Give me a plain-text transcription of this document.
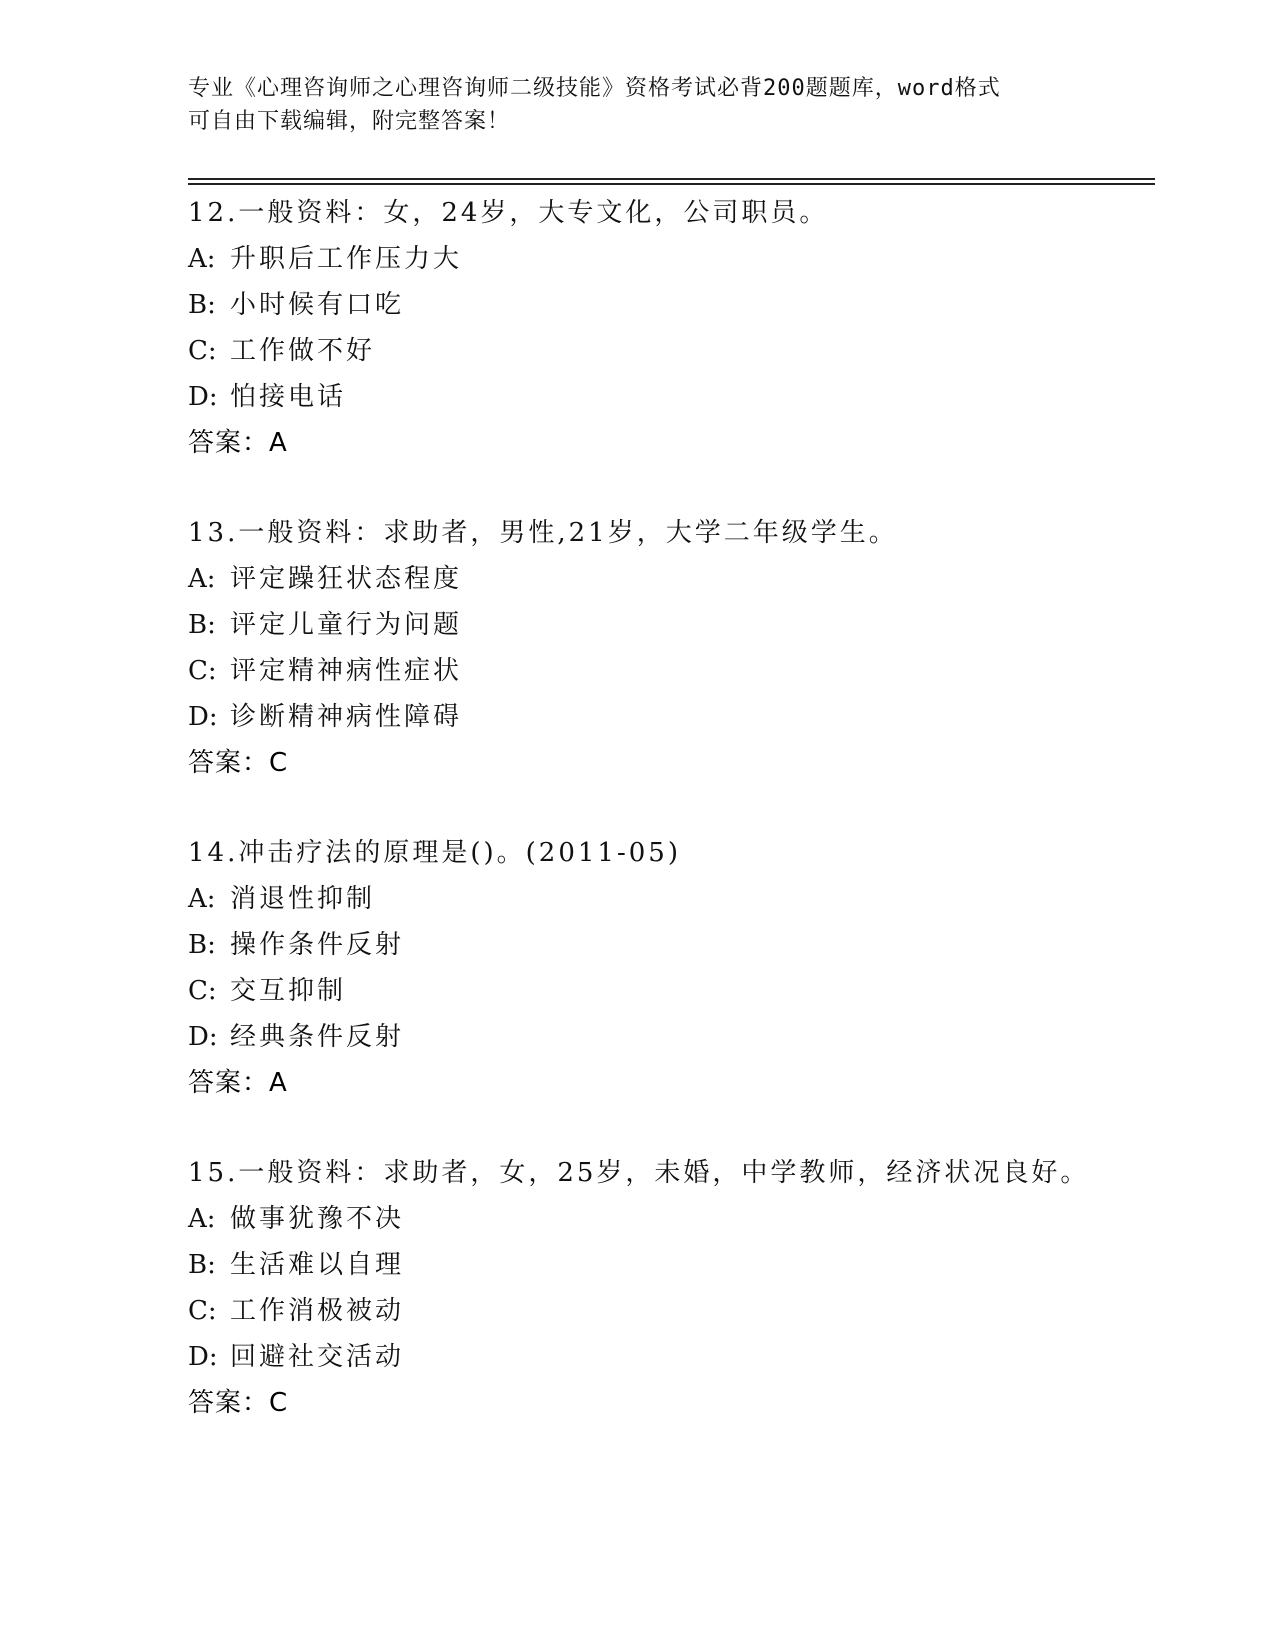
专业《心理咨询师之心理咨询师二级技能》资格考试必背200题题库，word格式
可自由下载编辑，附完整答案！
12.一般资料：女，24岁，大专文化，公司职员。
A: 升职后工作压力大
B: 小时候有口吃
C: 工作做不好
D: 怕接电话
答案：A
13.一般资料：求助者，男性,21岁，大学二年级学生。
A: 评定躁狂状态程度
B: 评定儿童行为问题
C: 评定精神病性症状
D: 诊断精神病性障碍
答案：C
14.冲击疗法的原理是()。(2011-05)
A: 消退性抑制
B: 操作条件反射
C: 交互抑制
D: 经典条件反射
答案：A
15.一般资料：求助者，女，25岁，未婚，中学教师，经济状况良好。
A: 做事犹豫不决
B: 生活难以自理
C: 工作消极被动
D: 回避社交活动
答案：C
